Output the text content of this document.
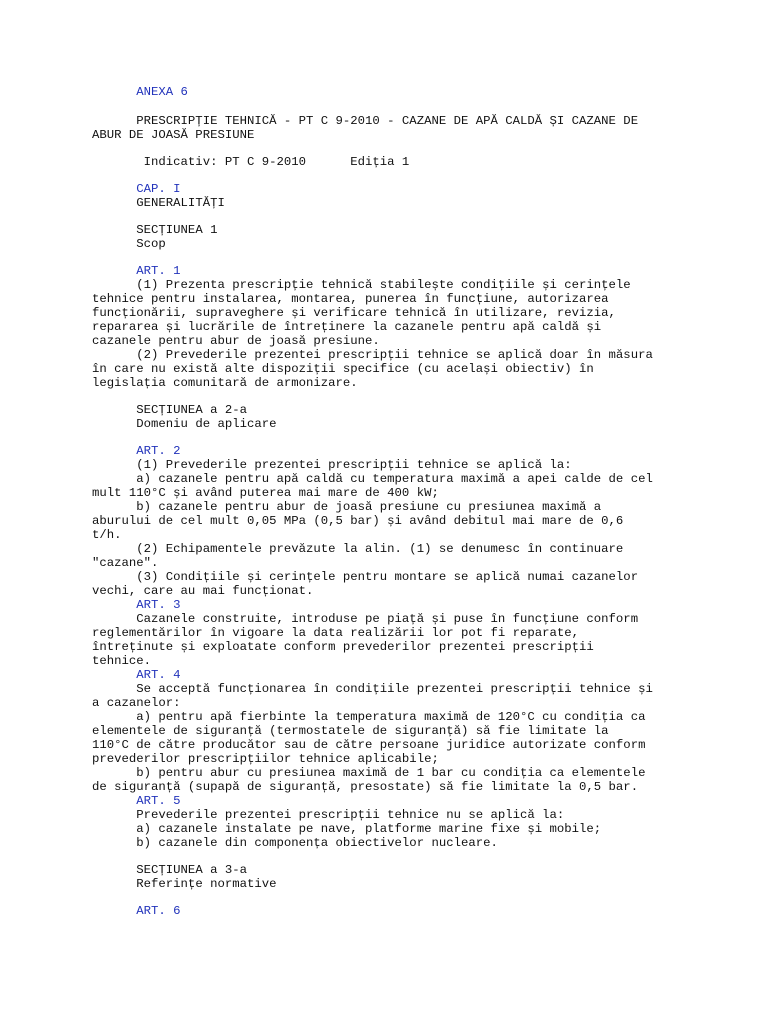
ANEXA 6
PRESCRIPȚIE TEHNICĂ - PT C 9-2010 - CAZANE DE APĂ CALDĂ ȘI CAZANE DE
ABUR DE JOASĂ PRESIUNE
Indicativ: PT C 9-2010      Ediția 1
CAP. I
GENERALITĂȚI
SECȚIUNEA 1
Scop
ART. 1
(1) Prezenta prescripție tehnică stabilește condițiile și cerințele
tehnice pentru instalarea, montarea, punerea în funcțiune, autorizarea
funcționării, supraveghere și verificare tehnică în utilizare, revizia,
repararea și lucrările de întreținere la cazanele pentru apă caldă și
cazanele pentru abur de joasă presiune.
(2) Prevederile prezentei prescripții tehnice se aplică doar în măsura
în care nu există alte dispoziții specifice (cu același obiectiv) în
legislația comunitară de armonizare.
SECȚIUNEA a 2-a
Domeniu de aplicare
ART. 2
(1) Prevederile prezentei prescripții tehnice se aplică la:
a) cazanele pentru apă caldă cu temperatura maximă a apei calde de cel
mult 110°C și având puterea mai mare de 400 kW;
b) cazanele pentru abur de joasă presiune cu presiunea maximă a
aburului de cel mult 0,05 MPa (0,5 bar) și având debitul mai mare de 0,6
t/h.
(2) Echipamentele prevăzute la alin. (1) se denumesc în continuare
"cazane".
(3) Condițiile și cerințele pentru montare se aplică numai cazanelor
vechi, care au mai funcționat.
ART. 3
Cazanele construite, introduse pe piață și puse în funcțiune conform
reglementărilor în vigoare la data realizării lor pot fi reparate,
întreținute și exploatate conform prevederilor prezentei prescripții
tehnice.
ART. 4
Se acceptă funcționarea în condițiile prezentei prescripții tehnice și
a cazanelor:
a) pentru apă fierbinte la temperatura maximă de 120°C cu condiția ca
elementele de siguranță (termostatele de siguranță) să fie limitate la
110°C de către producător sau de către persoane juridice autorizate conform
prevederilor prescripțiilor tehnice aplicabile;
b) pentru abur cu presiunea maximă de 1 bar cu condiția ca elementele
de siguranță (supapă de siguranță, presostate) să fie limitate la 0,5 bar.
ART. 5
Prevederile prezentei prescripții tehnice nu se aplică la:
a) cazanele instalate pe nave, platforme marine fixe și mobile;
b) cazanele din componența obiectivelor nucleare.
SECȚIUNEA a 3-a
Referințe normative
ART. 6
